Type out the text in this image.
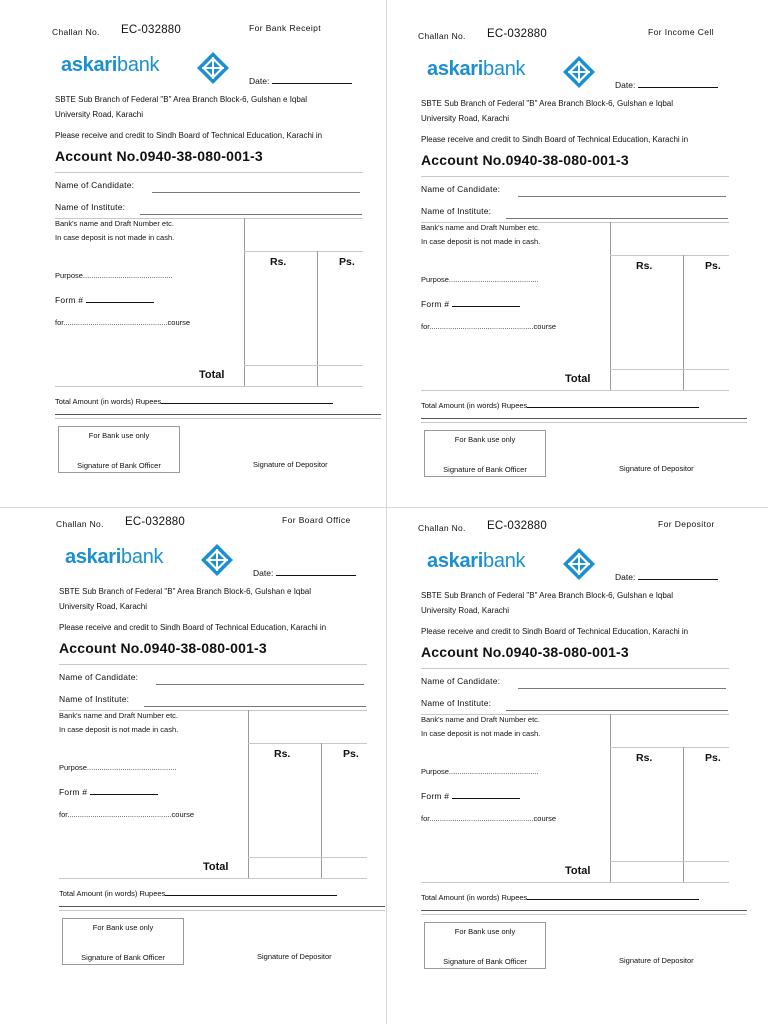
Challan No. EC-032880	For Bank Receipt
askaribank
Date:
SBTE Sub Branch of Federal "B" Area Branch Block-6, Gulshan e Iqbal
University Road, Karachi
Please receive and credit to Sindh Board of Technical Education, Karachi in
Account No.0940-38-080-001-3
Name of Candidate:
Name of Institute:
Bank's name and Draft Number etc.
In case deposit is not made in cash.
Rs.	Ps.
Purpose...........................................
Form #
for..................................................course
Total
Total Amount (in words) Rupees
For Bank use only
Signature of Bank Officer	Signature of Depositor
Challan No. EC-032880	For Income Cell
askaribank
Date:
SBTE Sub Branch of Federal "B" Area Branch Block-6, Gulshan e Iqbal
University Road, Karachi
Please receive and credit to Sindh Board of Technical Education, Karachi in
Account No.0940-38-080-001-3
Name of Candidate:
Name of Institute:
Bank's name and Draft Number etc.
In case deposit is not made in cash.
Rs.	Ps.
Purpose...........................................
Form #
for..................................................course
Total
Total Amount (in words) Rupees
For Bank use only
Signature of Bank Officer	Signature of Depositor
Challan No. EC-032880	For Board Office
askaribank
Date:
SBTE Sub Branch of Federal "B" Area Branch Block-6, Gulshan e Iqbal
University Road, Karachi
Please receive and credit to Sindh Board of Technical Education, Karachi in
Account No.0940-38-080-001-3
Name of Candidate:
Name of Institute:
Bank's name and Draft Number etc.
In case deposit is not made in cash.
Rs.	Ps.
Purpose...........................................
Form #
for..................................................course
Total
Total Amount (in words) Rupees
For Bank use only
Signature of Bank Officer	Signature of Depositor
Challan No. EC-032880	For Depositor
askaribank
Date:
SBTE Sub Branch of Federal "B" Area Branch Block-6, Gulshan e Iqbal
University Road, Karachi
Please receive and credit to Sindh Board of Technical Education, Karachi in
Account No.0940-38-080-001-3
Name of Candidate:
Name of Institute:
Bank's name and Draft Number etc.
In case deposit is not made in cash.
Rs.	Ps.
Purpose...........................................
Form #
for..................................................course
Total
Total Amount (in words) Rupees
For Bank use only
Signature of Bank Officer	Signature of Depositor
